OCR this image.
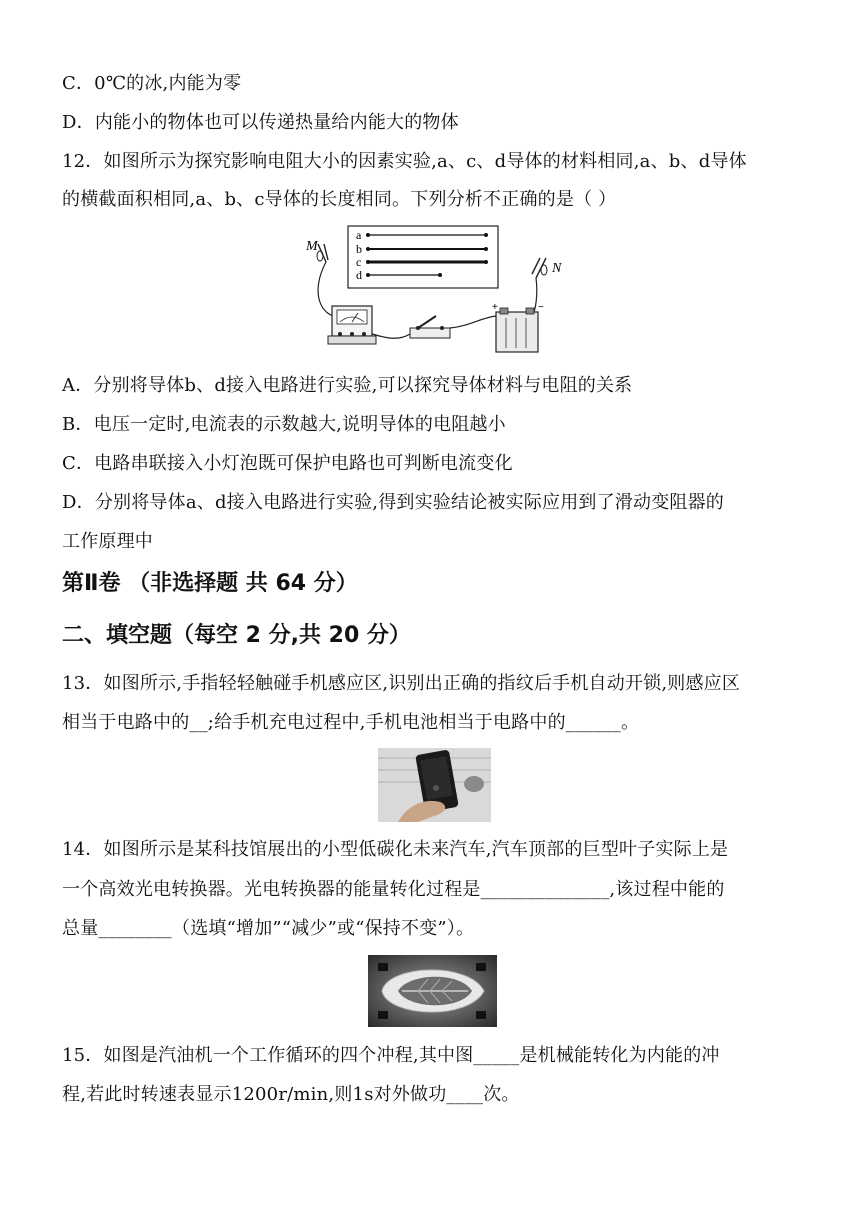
C．0℃的冰,内能为零
D．内能小的物体也可以传递热量给内能大的物体
12．如图所示为探究影响电阻大小的因素实验,a、c、d导体的材料相同,a、b、d导体
的横截面积相同,a、b、c导体的长度相同。下列分析不正确的是（ ）
a
b
c
d
M
N
+	−
A．分别将导体b、d接入电路进行实验,可以探究导体材料与电阻的关系
B．电压一定时,电流表的示数越大,说明导体的电阻越小
C．电路串联接入小灯泡既可保护电路也可判断电流变化
D．分别将导体a、d接入电路进行实验,得到实验结论被实际应用到了滑动变阻器的
工作原理中
第Ⅱ卷 （非选择题 共 64 分）
二、填空题（每空 2 分,共 20 分）
13．如图所示,手指轻轻触碰手机感应区,识别出正确的指纹后手机自动开锁,则感应区
相当于电路中的__;给手机充电过程中,手机电池相当于电路中的______。
14．如图所示是某科技馆展出的小型低碳化未来汽车,汽车顶部的巨型叶子实际上是
一个高效光电转换器。光电转换器的能量转化过程是______________,该过程中能的
总量________（选填“增加”“减少”或“保持不变”）。
15．如图是汽油机一个工作循环的四个冲程,其中图_____是机械能转化为内能的冲
程,若此时转速表显示1200r/min,则1s对外做功____次。
